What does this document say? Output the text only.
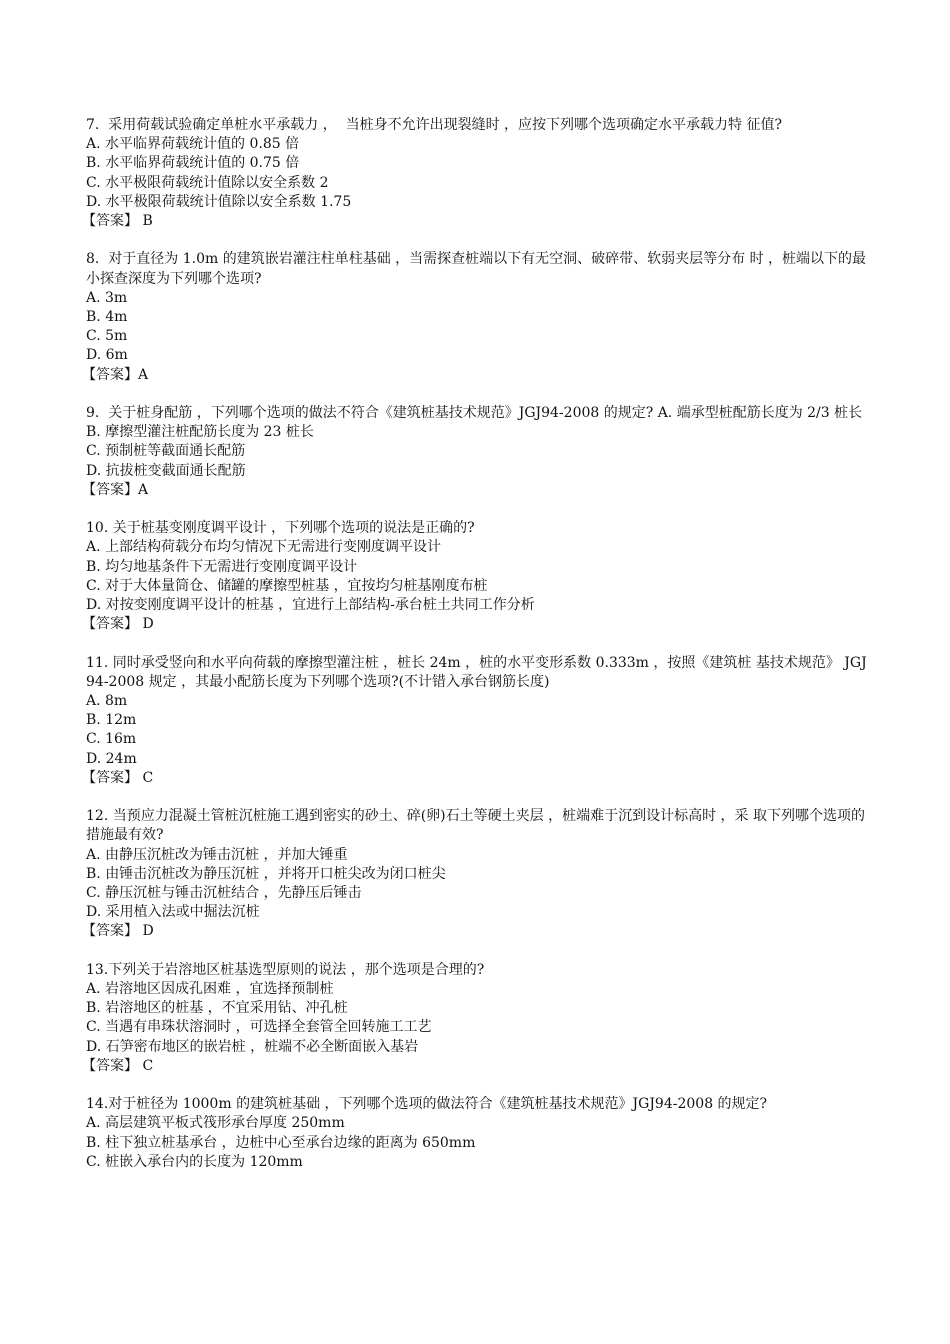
7.  采用荷载试验确定单桩水平承载力 ，  当桩身不允许出现裂缝时 ，应按下列哪个选项确定水平承载力特 征值?
A. 水平临界荷载统计值的 0.85 倍
B. 水平临界荷载统计值的 0.75 倍
C. 水平极限荷载统计值除以安全系数 2
D. 水平极限荷载统计值除以安全系数 1.75
【答案】 B
8.  对于直径为 1.0m 的建筑嵌岩灌注柱单柱基础 ，当需探查桩端以下有无空洞、破碎带、软弱夹层等分布 时 ，桩端以下的最小探查深度为下列哪个选项?
A. 3m
B. 4m
C. 5m
D. 6m
【答案】A
9.  关于桩身配筋 ，下列哪个选项的做法不符合《建筑桩基技术规范》JGJ94-2008 的规定? A. 端承型桩配筋长度为 2/3 桩长
B. 摩擦型灌注桩配筋长度为 23 桩长
C. 预制桩等截面通长配筋
D. 抗拔桩变截面通长配筋
【答案】A
10. 关于桩基变刚度调平设计 ，下列哪个选项的说法是正确的?
A. 上部结构荷载分布均匀情况下无需进行变刚度调平设计
B. 均匀地基条件下无需进行变刚度调平设计
C. 对于大体量筒仓、储罐的摩擦型桩基 ，宜按均匀桩基刚度布桩
D. 对按变刚度调平设计的桩基 ，宜进行上部结构-承台桩土共同工作分析
【答案】 D
11. 同时承受竖向和水平向荷载的摩擦型灌注桩 ，桩长 24m ，桩的水平变形系数 0.333m ，按照《建筑桩 基技术规范》 JGJ 94-2008 规定 ，其最小配筋长度为下列哪个选项?(不计错入承台钢筋长度)
A. 8m
B. 12m
C. 16m
D. 24m
【答案】 C
12. 当预应力混凝土管桩沉桩施工遇到密实的砂土、碎(卵)石土等硬土夹层 ，桩端难于沉到设计标高时 ，采 取下列哪个选项的措施最有效?
A. 由静压沉桩改为锤击沉桩 ，并加大锤重
B. 由锤击沉桩改为静压沉桩 ，并将开口桩尖改为闭口桩尖
C. 静压沉桩与锤击沉桩结合 ，先静压后锤击
D. 采用植入法或中掘法沉桩
【答案】 D
13.下列关于岩溶地区桩基选型原则的说法 ，那个选项是合理的?
A. 岩溶地区因成孔困难 ，宜选择预制桩
B. 岩溶地区的桩基 ，不宜采用钻、冲孔桩
C. 当遇有串珠状溶洞时 ，可选择全套管全回转施工工艺
D. 石笋密布地区的嵌岩桩 ，桩端不必全断面嵌入基岩
【答案】 C
14.对于桩径为 1000m 的建筑桩基础 ，下列哪个选项的做法符合《建筑桩基技术规范》JGJ94-2008 的规定?
A. 高层建筑平板式筏形承台厚度 250mm
B. 柱下独立桩基承台 ，边桩中心至承台边缘的距离为 650mm
C. 桩嵌入承台内的长度为 120mm
